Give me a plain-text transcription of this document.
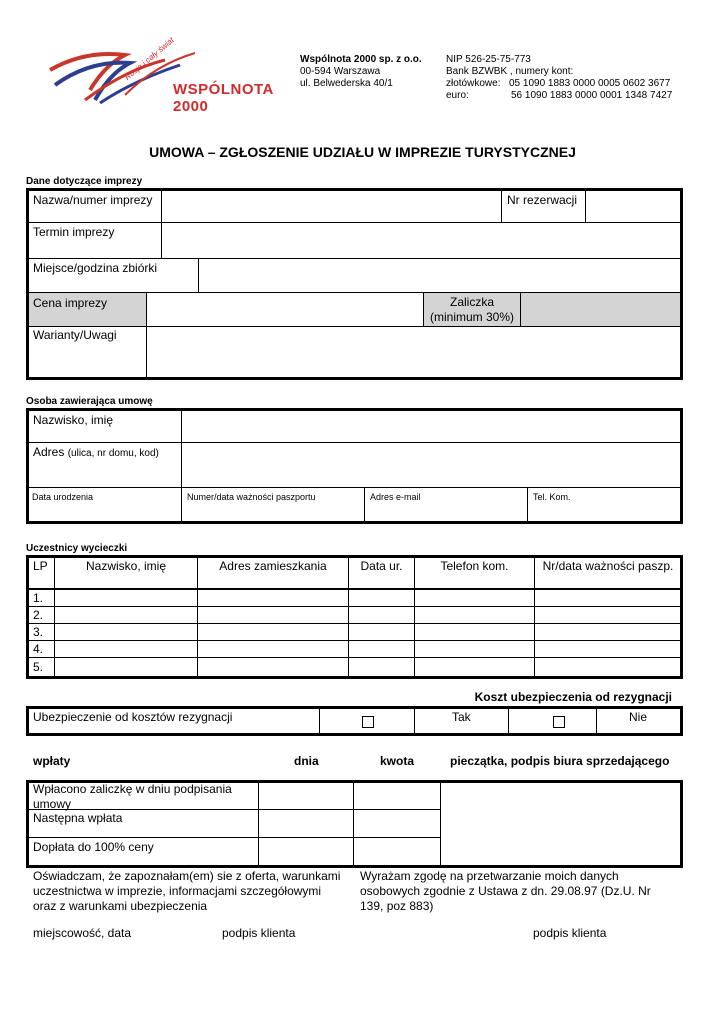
WSPÓLNOTA 2000
Rosja i cały świat	Wspólnota 2000 sp. z o.o.
00-594 Warszawa
ul. Belwederska 40/1
NIP 526-25-75-773
Bank BZWBK , numery kont:
złotówkowe: 05 1090 1883 0000 0005 0602 3677
euro:	56 1090 1883 0000 0001 1348 7427
UMOWA – ZGŁOSZENIE UDZIAŁU W IMPREZIE TURYSTYCZNEJ
Dane dotyczące imprezy
Nazwa/numer imprezy	Nr rezerwacji
Termin imprezy
Miejsce/godzina zbiórki
Cena imprezy	Zaliczka
(minimum 30%)
Warianty/Uwagi
Osoba zawierająca umowę
Nazwisko, imię
Adres (ulica, nr domu, kod)
Data urodzenia	Numer/data ważności paszportu	Adres e-mail	Tel. Kom.
Uczestnicy wycieczki
LP	Nazwisko, imię	Adres zamieszkania	Data ur.	Telefon kom.	Nr/data ważności paszp.
1.
2.
3.
4.
5.
Koszt ubezpieczenia od rezygnacji
Ubezpieczenie od kosztów rezygnacji	Tak	Nie
wpłaty	dnia	kwota	pieczątka, podpis biura sprzedającego
Wpłacono zaliczkę w dniu podpisania
umowy
Następna wpłata
Dopłata do 100% ceny
Oświadczam, że zapoznałam(em) sie z oferta, warunkami
uczestnictwa w imprezie, informacjami szczegółowymi
oraz z warunkami ubezpieczenia
Wyrażam zgodę na przetwarzanie moich danych
osobowych zgodnie z Ustawa z dn. 29.08.97 (Dz.U. Nr
139, poz 883)
miejscowość, data	podpis klienta	podpis klienta
